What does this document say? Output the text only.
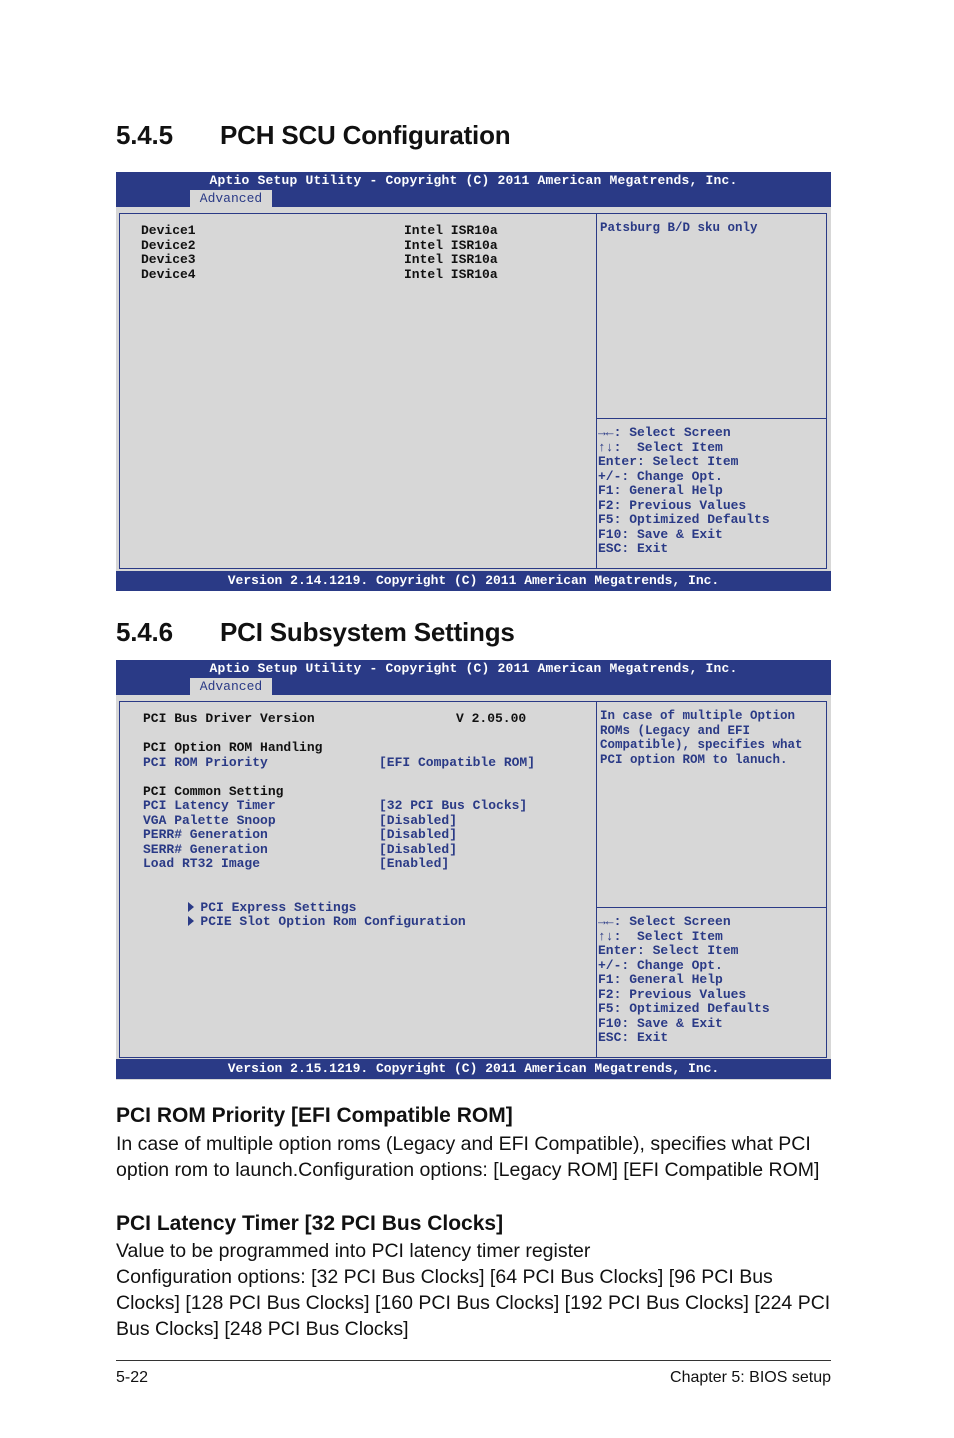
5.4.5 PCH SCU Configuration
Aptio Setup Utility - Copyright (C) 2011 American Megatrends, Inc.
Advanced
Device1	Intel ISR10a
Device2	Intel ISR10a
Device3	Intel ISR10a
Device4	Intel ISR10a
Patsburg B/D sku only
→←: Select Screen
↑↓:  Select Item
Enter: Select Item
+/-: Change Opt.
F1: General Help
F2: Previous Values
F5: Optimized Defaults
F10: Save & Exit
ESC: Exit
Version 2.14.1219. Copyright (C) 2011 American Megatrends, Inc.
5.4.6 PCI Subsystem Settings
Aptio Setup Utility - Copyright (C) 2011 American Megatrends, Inc.
Advanced
PCI Bus Driver Version	V 2.05.00
PCI Option ROM Handling
PCI ROM Priority	[EFI Compatible ROM]
PCI Common Setting
PCI Latency Timer	[32 PCI Bus Clocks]
VGA Palette Snoop	[Disabled]
PERR# Generation	[Disabled]
SERR# Generation	[Disabled]
Load RT32 Image	[Enabled]

PCI Express Settings

PCIE Slot Option Rom Configuration

In case of multiple Option ROMs (Legacy and EFI Compatible), specifies what PCI option ROM to lanuch.
→←: Select Screen
↑↓:  Select Item
Enter: Select Item
+/-: Change Opt.
F1: General Help
F2: Previous Values
F5: Optimized Defaults
F10: Save & Exit
ESC: Exit
Version 2.15.1219. Copyright (C) 2011 American Megatrends, Inc.
PCI ROM Priority [EFI Compatible ROM]
In case of multiple option roms (Legacy and EFI Compatible), specifies what PCI option rom to launch.Configuration options: [Legacy ROM] [EFI Compatible ROM]
PCI Latency Timer [32 PCI Bus Clocks]
Value to be programmed into PCI latency timer register
Configuration options: [32 PCI Bus Clocks] [64 PCI Bus Clocks] [96 PCI Bus Clocks] [128 PCI Bus Clocks] [160 PCI Bus Clocks] [192 PCI Bus Clocks] [224 PCI Bus Clocks] [248 PCI Bus Clocks]
5-22	Chapter 5: BIOS setup
